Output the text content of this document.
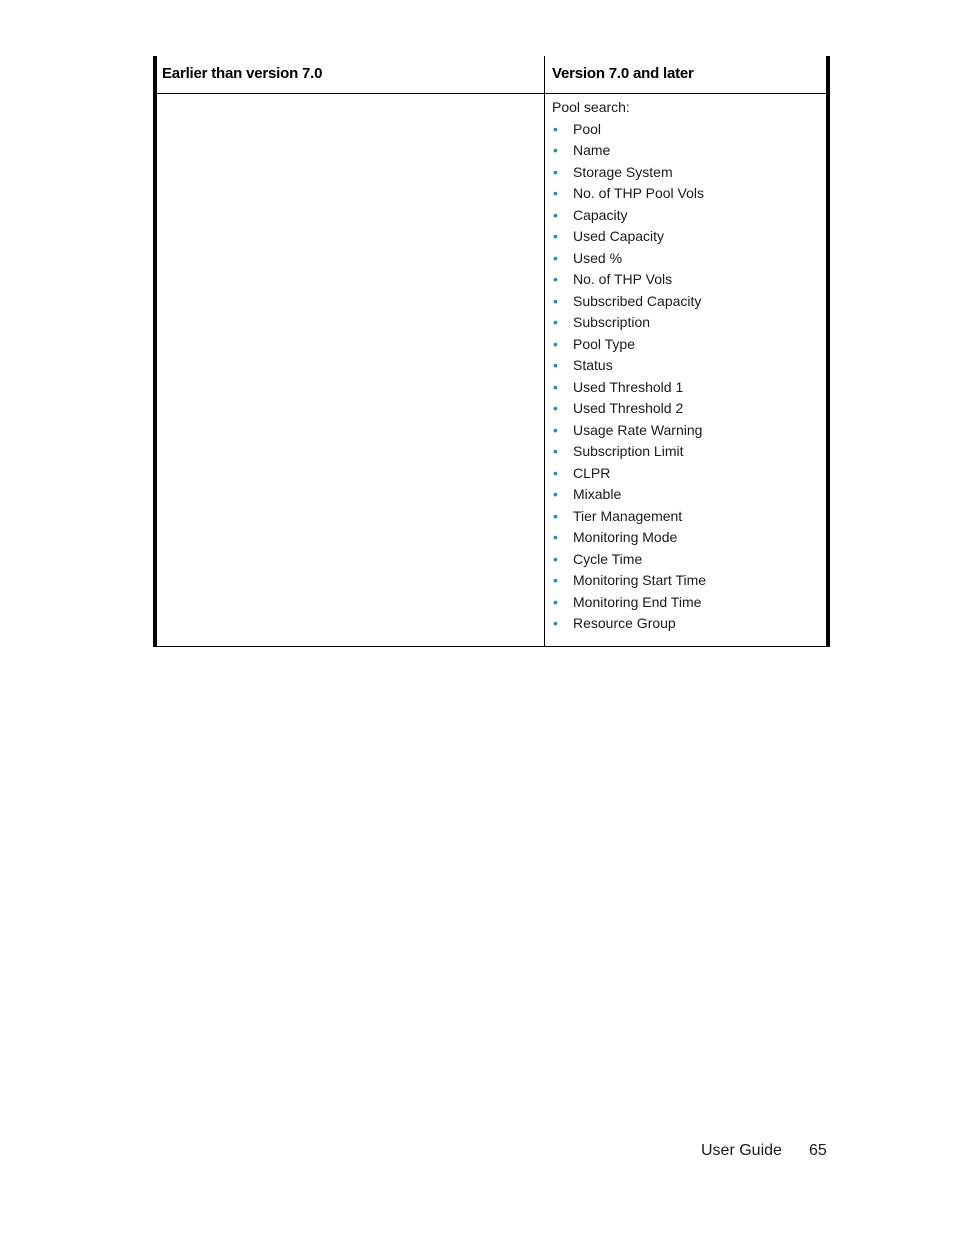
Earlier than version 7.0	Version 7.0 and later
Pool search:
• Pool
• Name
• Storage System
• No. of THP Pool Vols
• Capacity
• Used Capacity
• Used %
• No. of THP Vols
• Subscribed Capacity
• Subscription
• Pool Type
• Status
• Used Threshold 1
• Used Threshold 2
• Usage Rate Warning
• Subscription Limit
• CLPR
• Mixable
• Tier Management
• Monitoring Mode
• Cycle Time
• Monitoring Start Time
• Monitoring End Time
• Resource Group
User Guide 65
